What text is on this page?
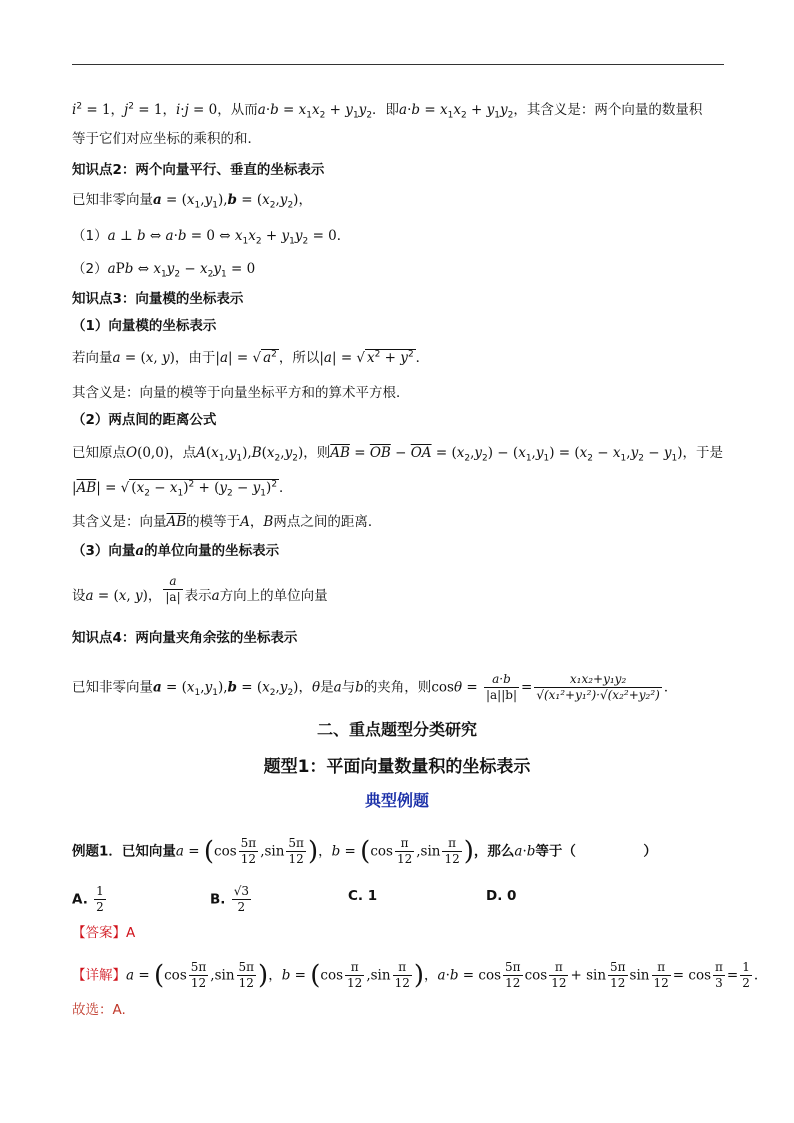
$i^2 = 1$，$j^2 = 1$，i·j = 0，从而$a\cdot b = x_1x_2 + y_1y_2$．即$a\cdot b = x_1x_2 + y_1y_2$，其含义是：两个向量的数量积
等于它们对应坐标的乘积的和．
知识点2：两个向量平行、垂直的坐标表示
已知非零向量$a = (x_1,y_1),b = (x_2,y_2)$，
（1）a ⊥ b ⇔ a·b = 0 ⇔ $x_1x_2 + y_1y_2 = 0$．
（2）aPb ⇔ $x_1y_2 - x_2y_1 = 0$
知识点3：向量模的坐标表示
（1）向量模的坐标表示
若向量a = (x, y)，由于|a| = √ $a^2$ ，所以|a| = √ $x^2 + y^2$ ．
其含义是：向量的模等于向量坐标平方和的算术平方根．
（2）两点间的距离公式
已知原点O(0,0)，点$A(x_1,y_1),B(x_2,y_2)$，则$\overline{AB} = \overline{OB} - \overline{OA} = (x_2,y_2) - (x_1,y_1) = (x_2 - x_1,y_2 - y_1)$，于是
$|\overline{AB}|$ = √ $(x_2 - x_1)^2 + (y_2 - y_1)^2$ ．
其含义是：向量$\overline{AB}$的模等于A，B两点之间的距离．
（3）向量a的单位向量的坐标表示
设a = (x, y)， $\frac{a}{|a|}$ 表示a方向上的单位向量
知识点4：两向量夹角余弦的坐标表示
已知非零向量$a = (x_1,y_1),b = (x_2,y_2)$，θ是a与b的夹角，则$\cos\theta = \frac{a\cdot b}{|a||b|} = \frac{\text{x₁x₂+y₁y₂}}{\text{√(x₁²+y₁²)·√(x₂²+y₂²)}}$ ．
二、重点题型分类研究
题型1：平面向量数量积的坐标表示
典型例题
例题1．已知向量$a = (\cos \frac{5\pi}{12} ,\sin \frac{5\pi}{12}$ )，$b = (\cos \frac{\pi}{12} ,\sin \frac{\pi}{12}$ )，那么a·b等于（　　　　　）
A. $\frac{1}{2}$	B. $\frac{√3}{2}$	C. 1	D. 0
【答案】A
【详解】$a = (\cos \frac{5\pi}{12} ,\sin \frac{5\pi}{12}$ )，$b = (\cos \frac{\pi}{12} ,\sin \frac{\pi}{12}$ )，$a\cdot b = \cos \frac{5\pi}{12}$ $\cos \frac{\pi}{12} + \sin \frac{5\pi}{12}$ $\sin \frac{\pi}{12} = \cos \frac{\pi}{3} = \frac{1}{2}$ .
故选：A.
